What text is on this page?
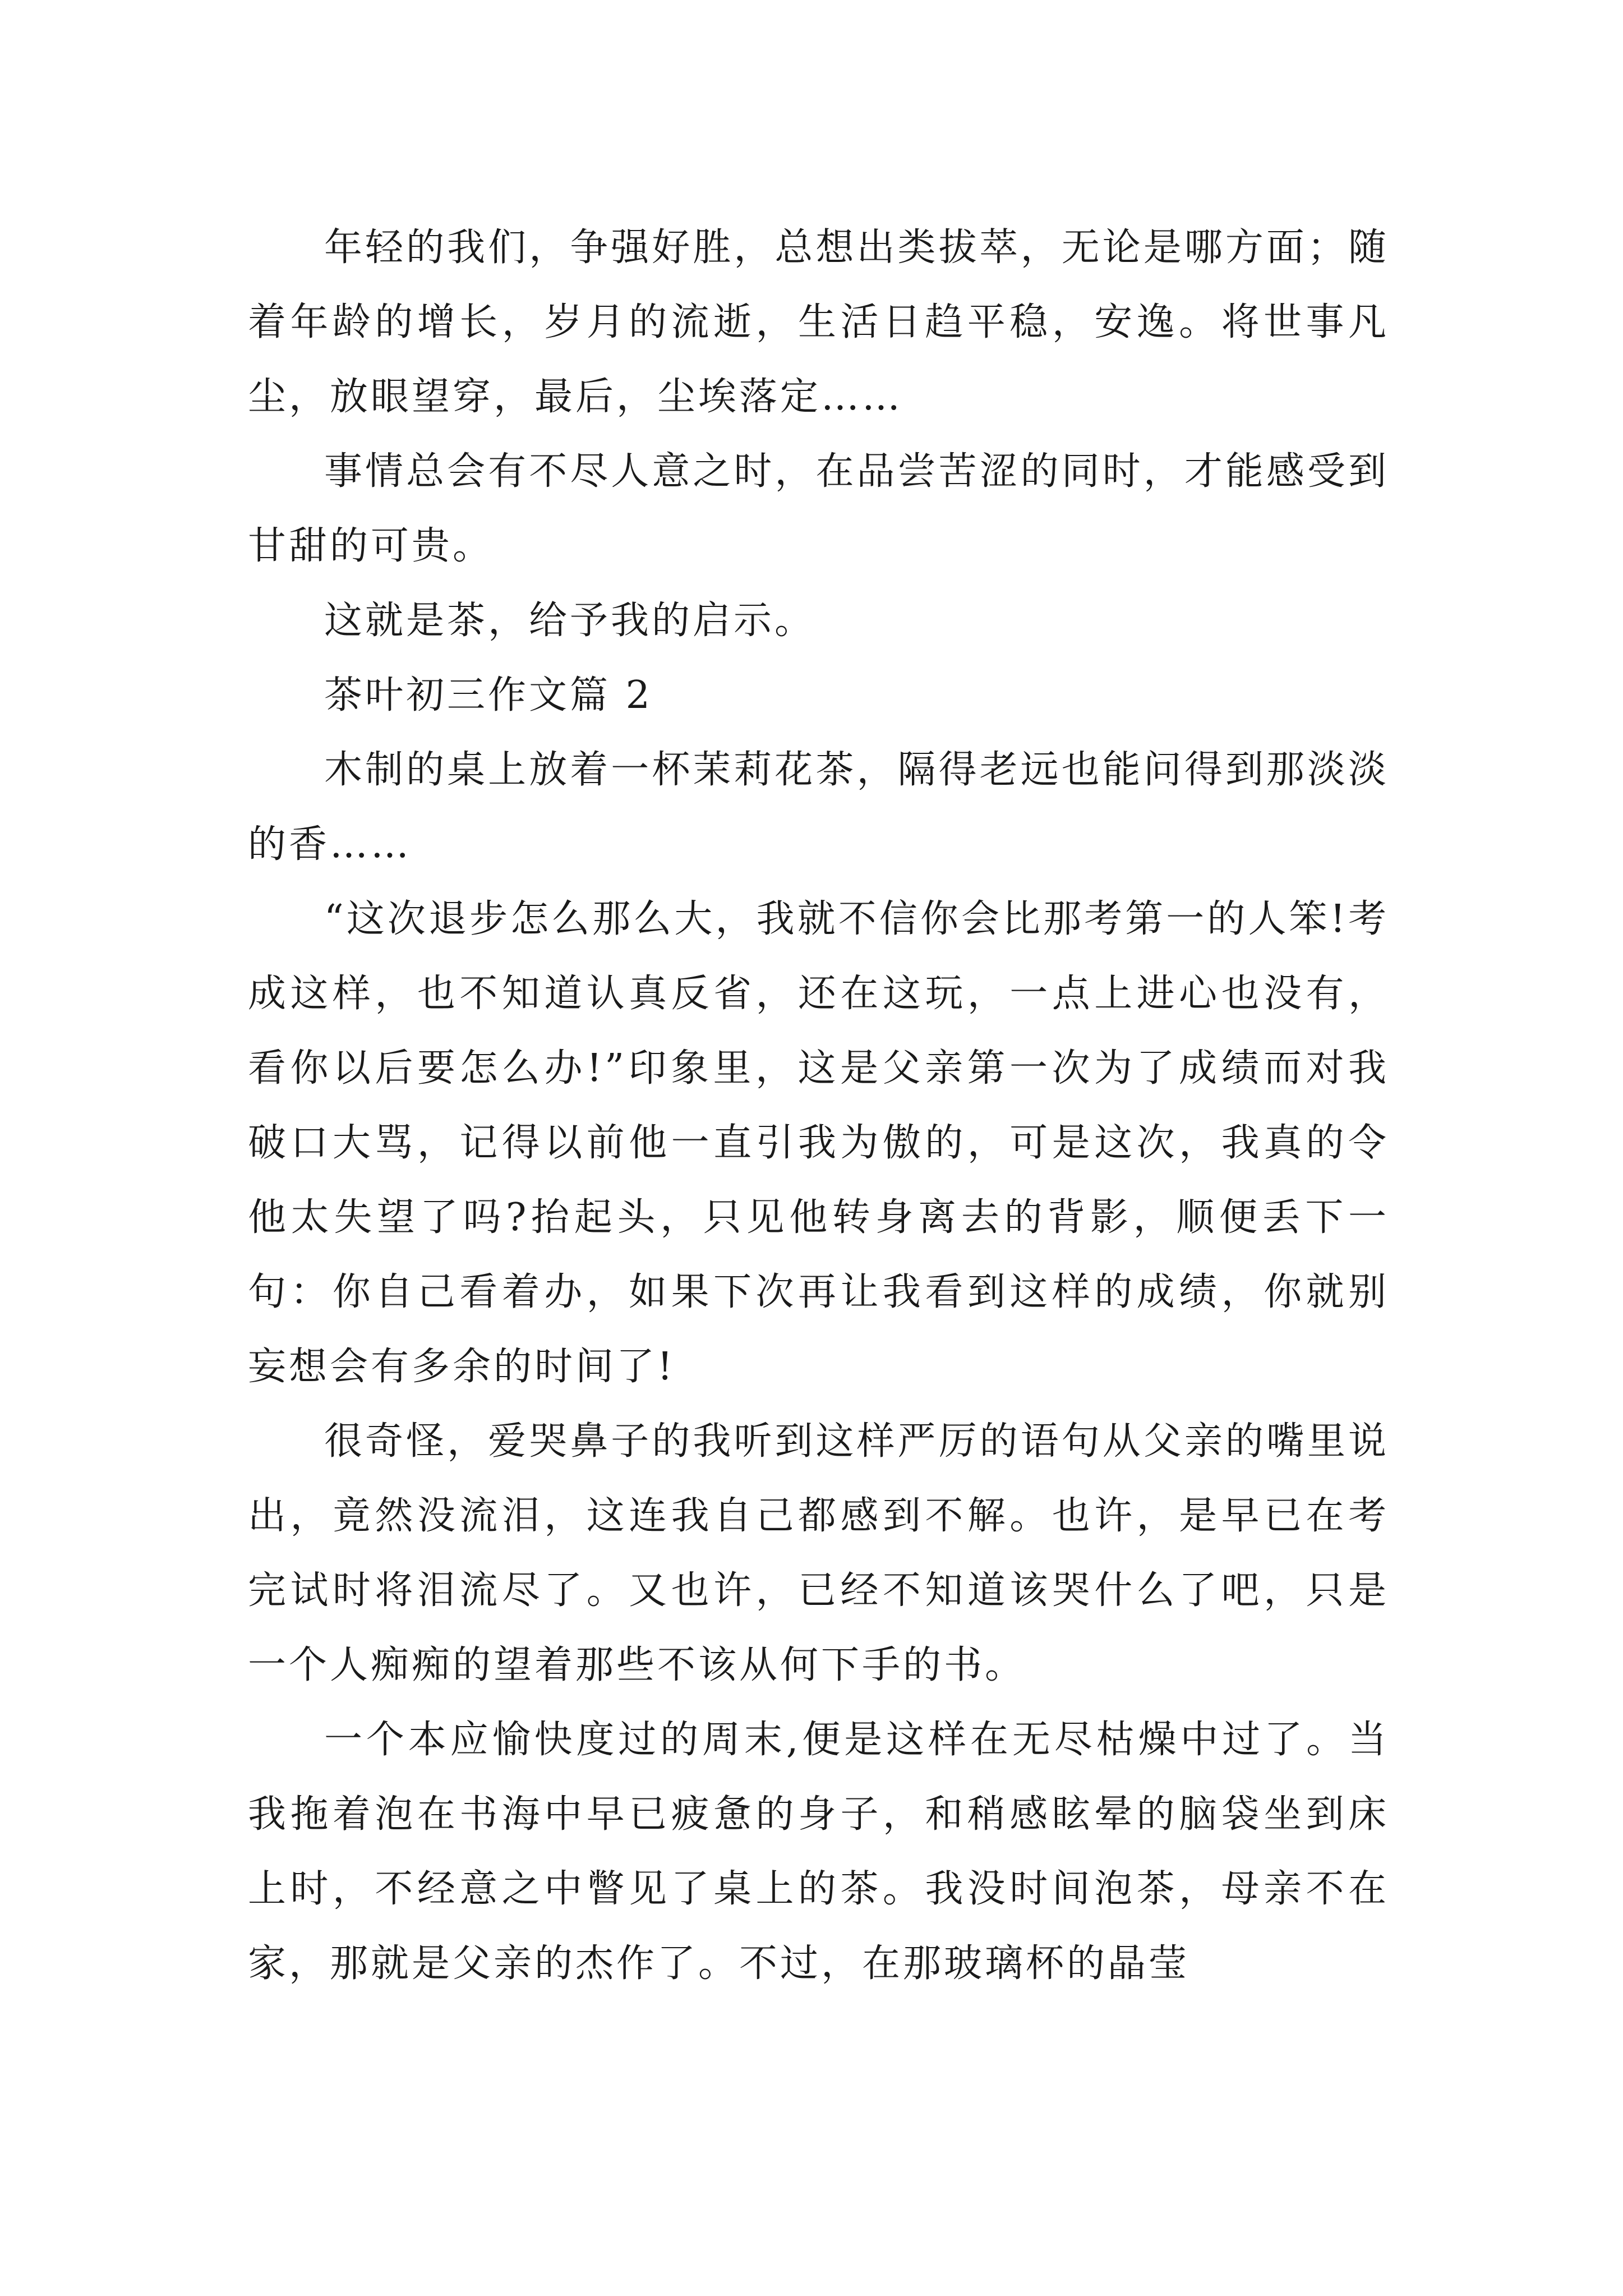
年轻的我们，争强好胜，总想出类拔萃，无论是哪方面；随着年龄的增长，岁月的流逝，生活日趋平稳，安逸。将世事凡尘，放眼望穿，最后，尘埃落定……

事情总会有不尽人意之时，在品尝苦涩的同时，才能感受到甘甜的可贵。

这就是茶，给予我的启示。

茶叶初三作文篇 2

木制的桌上放着一杯茉莉花茶，隔得老远也能问得到那淡淡的香……

“这次退步怎么那么大，我就不信你会比那考第一的人笨!考成这样，也不知道认真反省，还在这玩，一点上进心也没有，看你以后要怎么办!”印象里，这是父亲第一次为了成绩而对我破口大骂，记得以前他一直引我为傲的，可是这次，我真的令他太失望了吗?抬起头，只见他转身离去的背影，顺便丢下一句：你自己看着办，如果下次再让我看到这样的成绩，你就别妄想会有多余的时间了!

很奇怪，爱哭鼻子的我听到这样严厉的语句从父亲的嘴里说出，竟然没流泪，这连我自己都感到不解。也许，是早已在考完试时将泪流尽了。又也许，已经不知道该哭什么了吧，只是一个人痴痴的望着那些不该从何下手的书。

一个本应愉快度过的周末,便是这样在无尽枯燥中过了。当我拖着泡在书海中早已疲惫的身子，和稍感眩晕的脑袋坐到床上时，不经意之中瞥见了桌上的茶。我没时间泡茶，母亲不在家，那就是父亲的杰作了。不过，在那玻璃杯的晶莹
